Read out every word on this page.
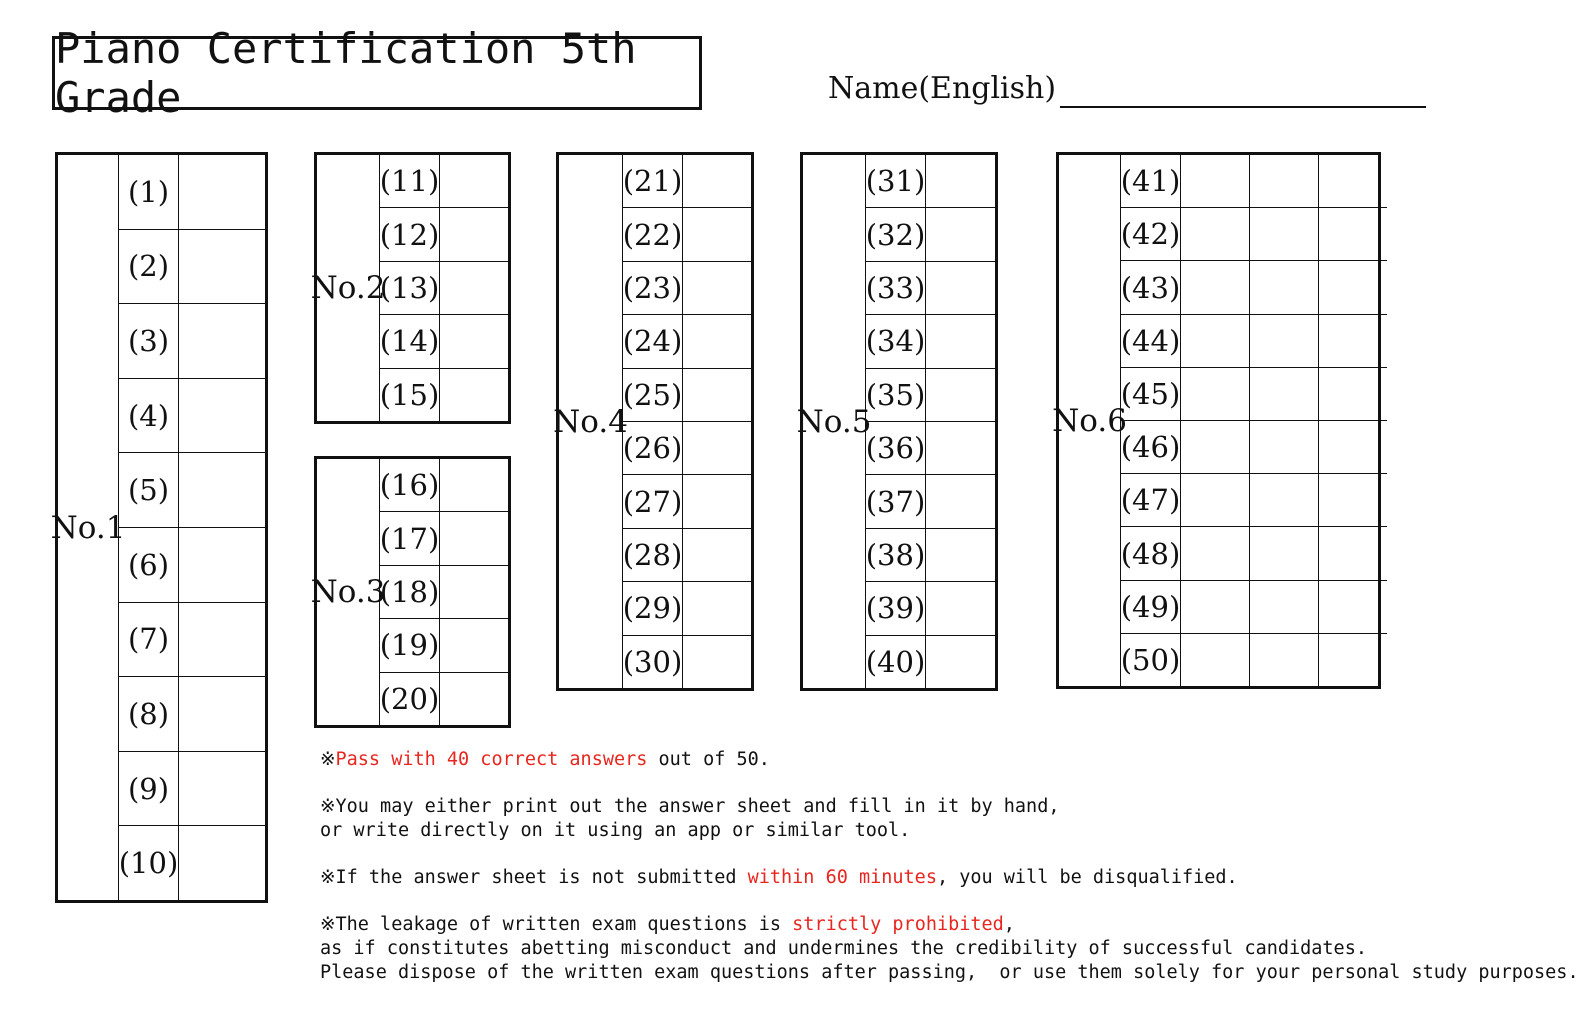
Piano Certification 5th Grade	Name(English)
No.1
(1)
(2)
(3)
(4)
(5)
(6)
(7)
(8)
(9)
(10)
No.2
(11)
(12)
(13)
(14)
(15)
No.3
(16)
(17)
(18)
(19)
(20)
No.4
(21)
(22)
(23)
(24)
(25)
(26)
(27)
(28)
(29)
(30)
No.5
(31)
(32)
(33)
(34)
(35)
(36)
(37)
(38)
(39)
(40)
No.6
(41)
(42)
(43)
(44)
(45)
(46)
(47)
(48)
(49)
(50)

※Pass with 40 correct answers out of 50.

※You may either print out the answer sheet and fill in it by hand,
or write directly on it using an app or similar tool.

※If the answer sheet is not submitted within 60 minutes, you will be disqualified.

※The leakage of written exam questions is strictly prohibited,
as if constitutes abetting misconduct and undermines the credibility of successful candidates.
Please dispose of the written exam questions after passing,  or use them solely for your personal study purposes.
